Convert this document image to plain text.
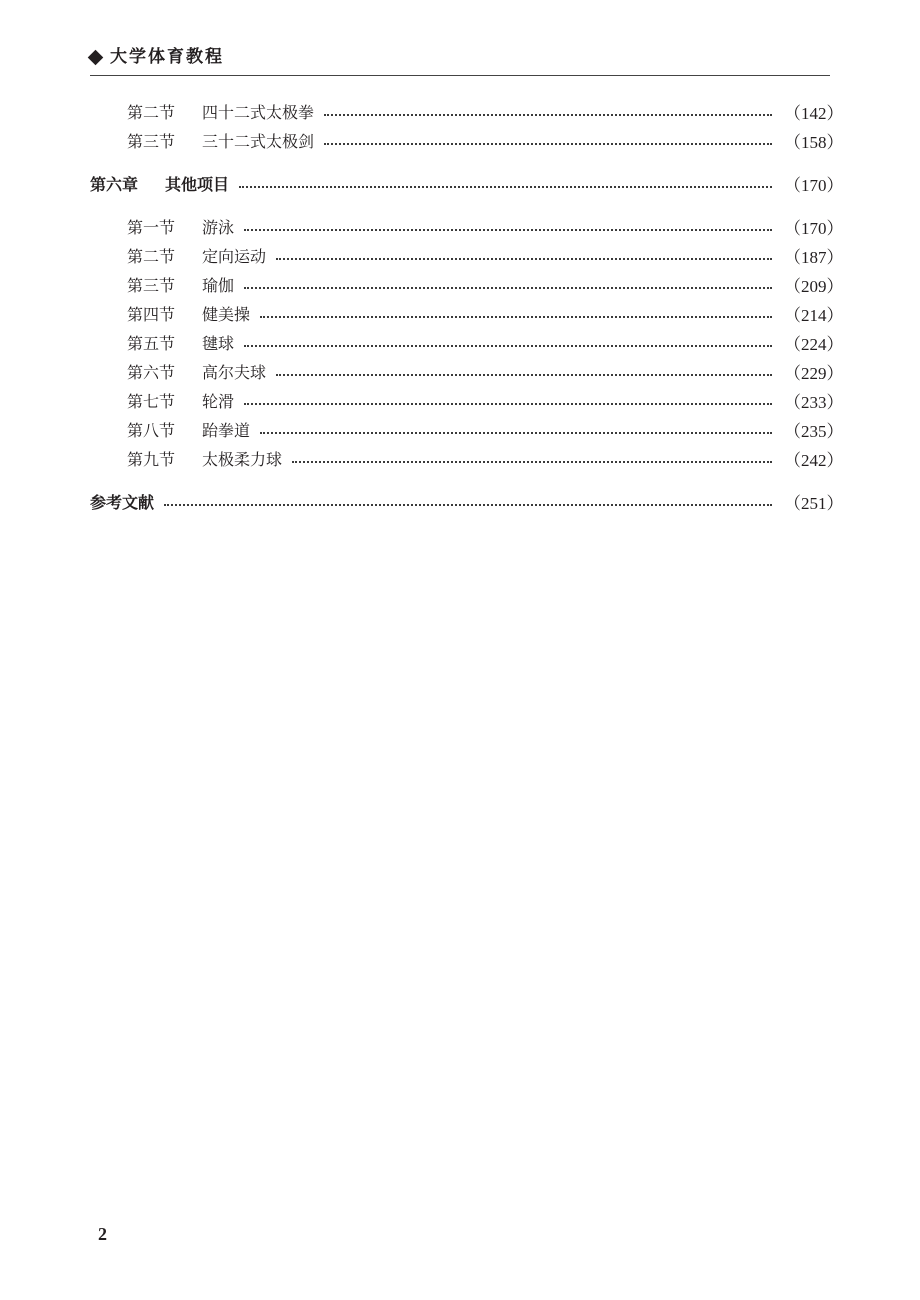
大学体育教程
第二节	四十二式太极拳	（142）
第三节	三十二式太极剑	（158）
第六章	其他项目	（170）
第一节	游泳	（170）
第二节	定向运动	（187）
第三节	瑜伽	（209）
第四节	健美操	（214）
第五节	毽球	（224）
第六节	高尔夫球	（229）
第七节	轮滑	（233）
第八节	跆拳道	（235）
第九节	太极柔力球	（242）
参考文献	（251）
2
